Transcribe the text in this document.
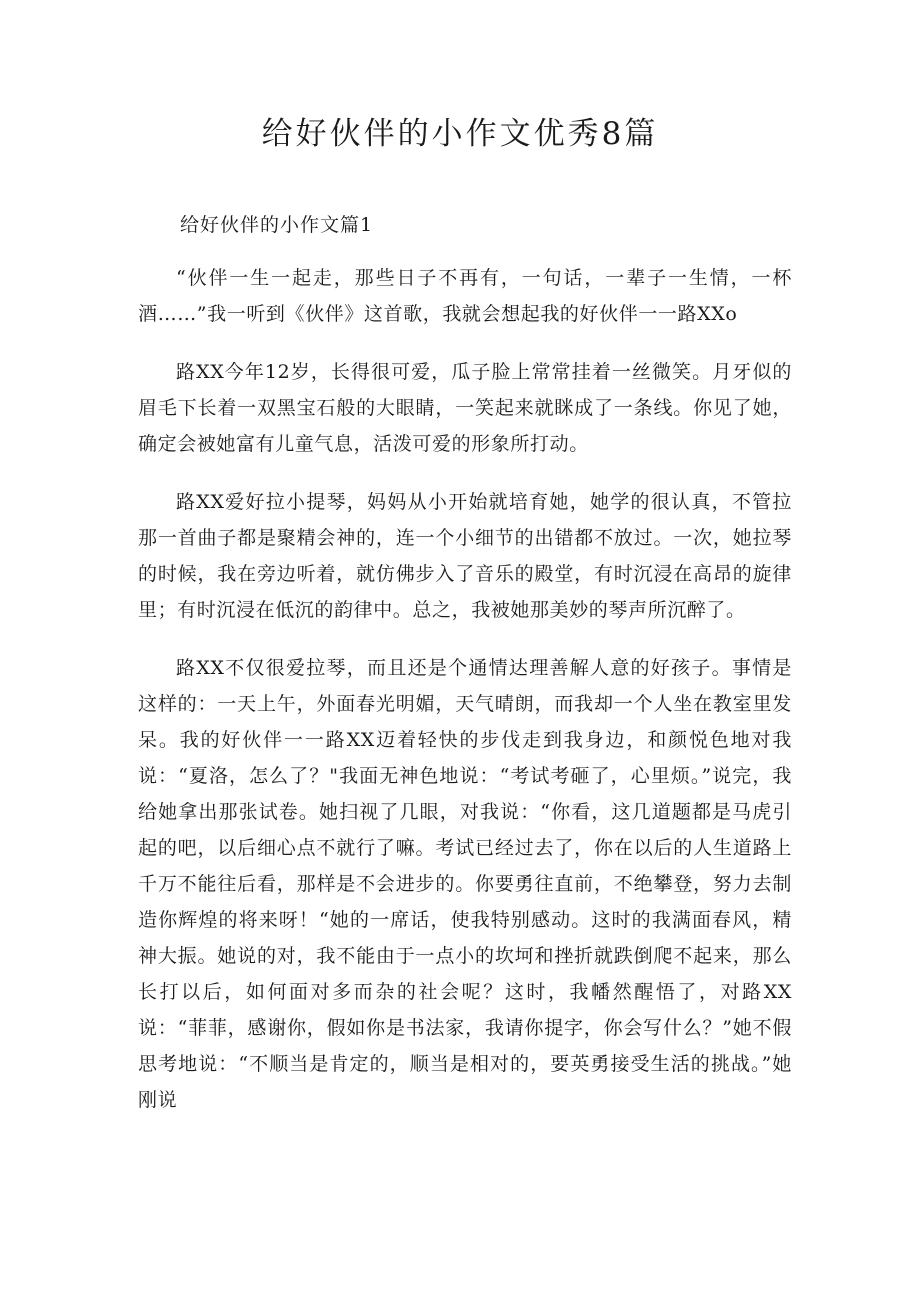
给好伙伴的小作文优秀8篇

给好伙伴的小作文篇1

“伙伴一生一起走，那些日子不再有，一句话，一辈子一生情，一杯酒……”我一听到《伙伴》这首歌，我就会想起我的好伙伴一一路XXo

路XX今年12岁，长得很可爱，瓜子脸上常常挂着一丝微笑。月牙似的眉毛下长着一双黑宝石般的大眼睛，一笑起来就眯成了一条线。你见了她，确定会被她富有儿童气息，活泼可爱的形象所打动。

路XX爱好拉小提琴，妈妈从小开始就培育她，她学的很认真，不管拉那一首曲子都是聚精会神的，连一个小细节的出错都不放过。一次，她拉琴的时候，我在旁边听着，就仿佛步入了音乐的殿堂，有时沉浸在高昂的旋律里；有时沉浸在低沉的韵律中。总之，我被她那美妙的琴声所沉醉了。

路XX不仅很爱拉琴，而且还是个通情达理善解人意的好孩子。事情是这样的：一天上午，外面春光明媚，天气晴朗，而我却一个人坐在教室里发呆。我的好伙伴一一路XX迈着轻快的步伐走到我身边，和颜悦色地对我说：“夏洛，怎么了？"我面无神色地说：“考试考砸了，心里烦。”说完，我给她拿出那张试卷。她扫视了几眼，对我说：“你看，这几道题都是马虎引起的吧，以后细心点不就行了嘛。考试已经过去了，你在以后的人生道路上千万不能往后看，那样是不会进步的。你要勇往直前，不绝攀登，努力去制造你辉煌的将来呀！“她的一席话，使我特别感动。这时的我满面春风，精神大振。她说的对，我不能由于一点小的坎坷和挫折就跌倒爬不起来，那么长打以后，如何面对多而杂的社会呢？这时，我幡然醒悟了，对路XX说：“菲菲，感谢你，假如你是书法家，我请你提字，你会写什么？”她不假思考地说：“不顺当是肯定的，顺当是相对的，要英勇接受生活的挑战。”她刚说
